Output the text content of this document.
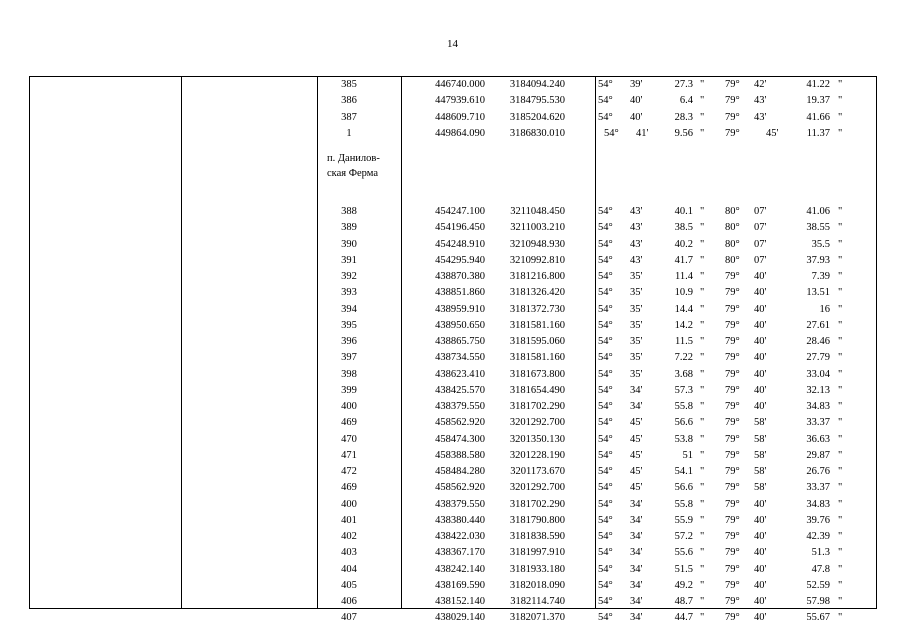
14
п. Данилов-
ская Ферма
385	446740.000	3184094.240	54°	39'	27.3 "	79°	42'	41.22 "
386	447939.610	3184795.530	54°	40'	6.4 "	79°	43'	19.37 "
387	448609.710	3185204.620	54°	40'	28.3 "	79°	43'	41.66 "
1	449864.090	3186830.010	54°	41'	9.56 "	79°	45'	11.37 "
388	454247.100	3211048.450	54°	43'	40.1 "	80°	07'	41.06 "
389	454196.450	3211003.210	54°	43'	38.5 "	80°	07'	38.55 "
390	454248.910	3210948.930	54°	43'	40.2 "	80°	07'	35.5 "
391	454295.940	3210992.810	54°	43'	41.7 "	80°	07'	37.93 "
392	438870.380	3181216.800	54°	35'	11.4 "	79°	40'	7.39 "
393	438851.860	3181326.420	54°	35'	10.9 "	79°	40'	13.51 "
394	438959.910	3181372.730	54°	35'	14.4 "	79°	40'	16 "
395	438950.650	3181581.160	54°	35'	14.2 "	79°	40'	27.61 "
396	438865.750	3181595.060	54°	35'	11.5 "	79°	40'	28.46 "
397	438734.550	3181581.160	54°	35'	7.22 "	79°	40'	27.79 "
398	438623.410	3181673.800	54°	35'	3.68 "	79°	40'	33.04 "
399	438425.570	3181654.490	54°	34'	57.3 "	79°	40'	32.13 "
400	438379.550	3181702.290	54°	34'	55.8 "	79°	40'	34.83 "
469	458562.920	3201292.700	54°	45'	56.6 "	79°	58'	33.37 "
470	458474.300	3201350.130	54°	45'	53.8 "	79°	58'	36.63 "
471	458388.580	3201228.190	54°	45'	51 "	79°	58'	29.87 "
472	458484.280	3201173.670	54°	45'	54.1 "	79°	58'	26.76 "
469	458562.920	3201292.700	54°	45'	56.6 "	79°	58'	33.37 "
400	438379.550	3181702.290	54°	34'	55.8 "	79°	40'	34.83 "
401	438380.440	3181790.800	54°	34'	55.9 "	79°	40'	39.76 "
402	438422.030	3181838.590	54°	34'	57.2 "	79°	40'	42.39 "
403	438367.170	3181997.910	54°	34'	55.6 "	79°	40'	51.3 "
404	438242.140	3181933.180	54°	34'	51.5 "	79°	40'	47.8 "
405	438169.590	3182018.090	54°	34'	49.2 "	79°	40'	52.59 "
406	438152.140	3182114.740	54°	34'	48.7 "	79°	40'	57.98 "
407	438029.140	3182071.370	54°	34'	44.7 "	79°	40'	55.67 "
